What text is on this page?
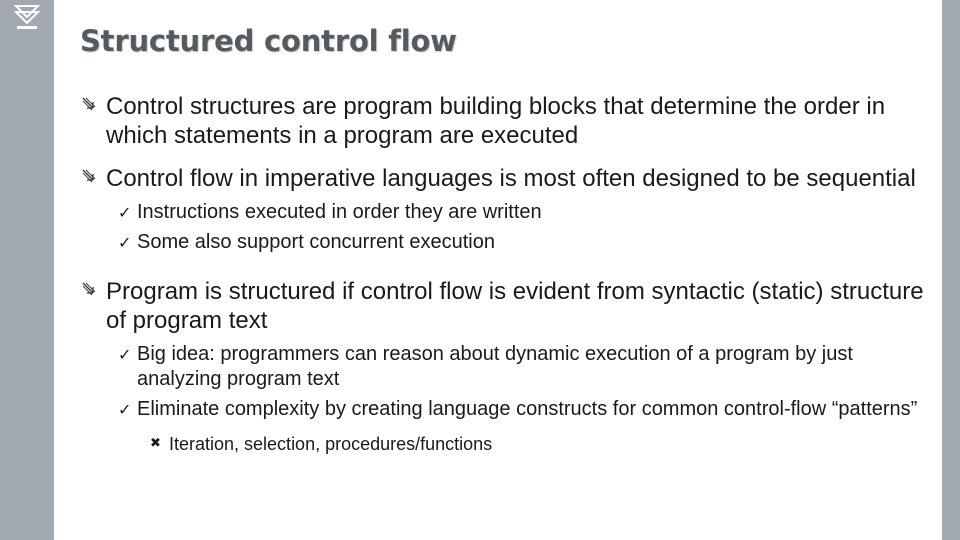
Structured control flow
Control structures are program building blocks that determine the order in which statements in a program are executed
Control flow in imperative languages is most often designed to be sequential
✓ Instructions executed in order they are written
✓ Some also support concurrent execution
Program is structured if control flow is evident from syntactic (static) structure of program text
✓ Big idea: programmers can reason about dynamic execution of a program by just analyzing program text
✓ Eliminate complexity by creating language constructs for common control-flow “patterns”
✖ Iteration, selection, procedures/functions
